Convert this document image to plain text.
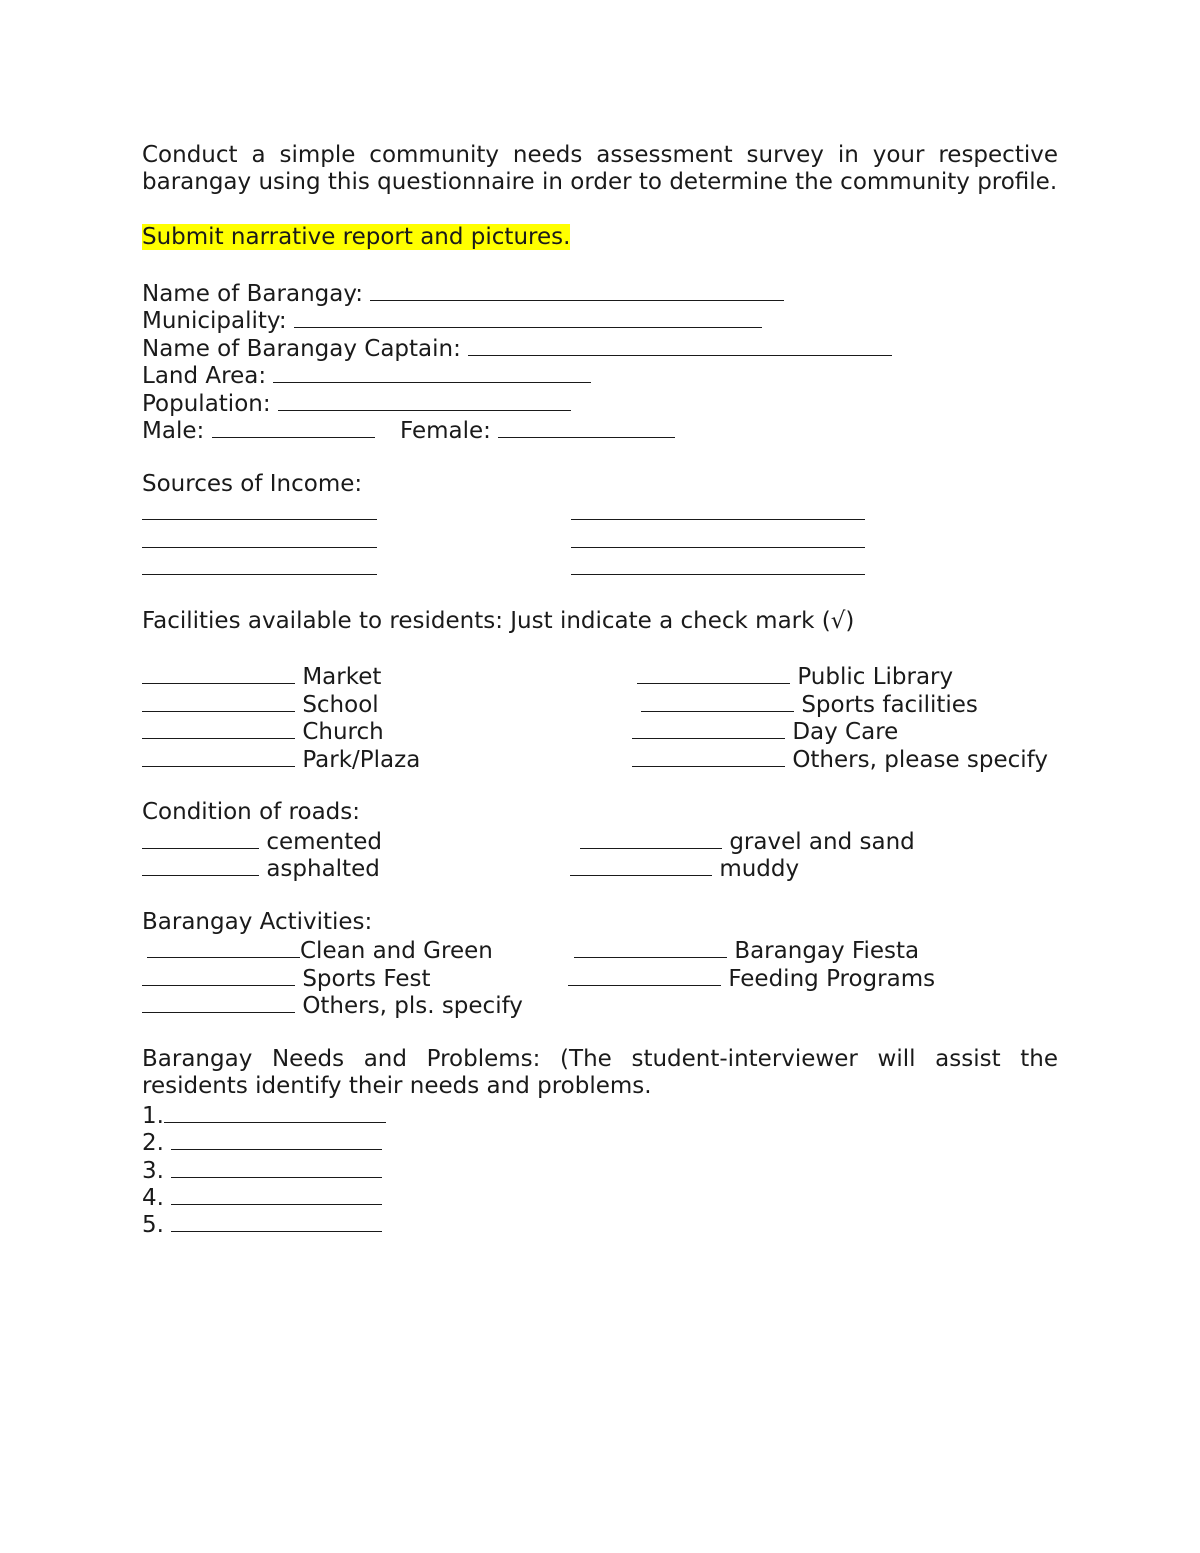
Conduct a simple community needs assessment survey in your respective barangay using this questionnaire in order to determine the community profile.

Submit narrative report and pictures.
Name of Barangay:
Municipality:
Name of Barangay Captain:
Land Area:
Population:
Male:	Female:
Sources of Income:
Facilities available to residents: Just indicate a check mark (√)
Market	Public Library
School	Sports facilities
Church	Day Care
Park/Plaza	Others, please specify
Condition of roads:
cemented	gravel and sand
asphalted	muddy
Barangay Activities:
Clean and Green	Barangay Fiesta
Sports Fest	Feeding Programs
Others, pls. specify

Barangay Needs and Problems: (The student-interviewer will assist the residents identify their needs and problems.

1.
2.
3.
4.
5.
